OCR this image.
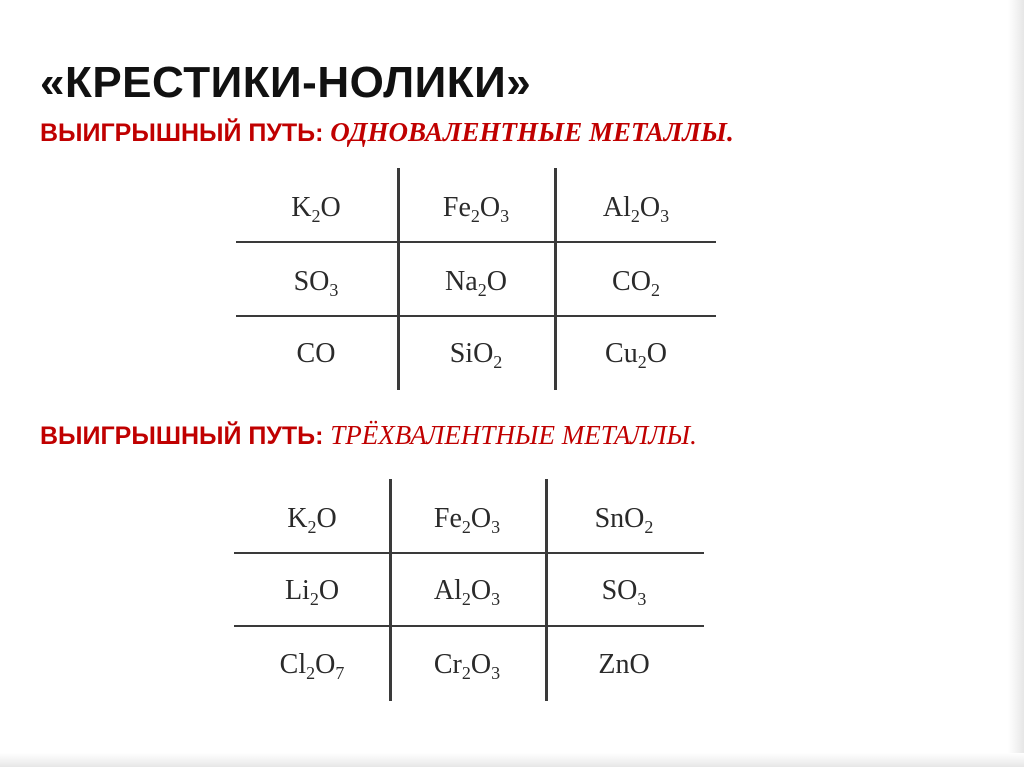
«КРЕСТИКИ-НОЛИКИ»
ВЫИГРЫШНЫЙ ПУТЬ: ОДНОВАЛЕНТНЫЕ МЕТАЛЛЫ.
$K_2O$	$Fe_2O_3$	$Al_2O_3$
$SO_3$	$Na_2O$	$CO_2$
CO	SiO$_2$	$Cu_2O$
ВЫИГРЫШНЫЙ ПУТЬ: ТРЁХВАЛЕНТНЫЕ МЕТАЛЛЫ.
$K_2O$	$Fe_2O_3$	SnO$_2$
$Li_2O$	$Al_2O_3$	$SO_3$
$Cl_2O_7$	$Cr_2O_3$	ZnO
